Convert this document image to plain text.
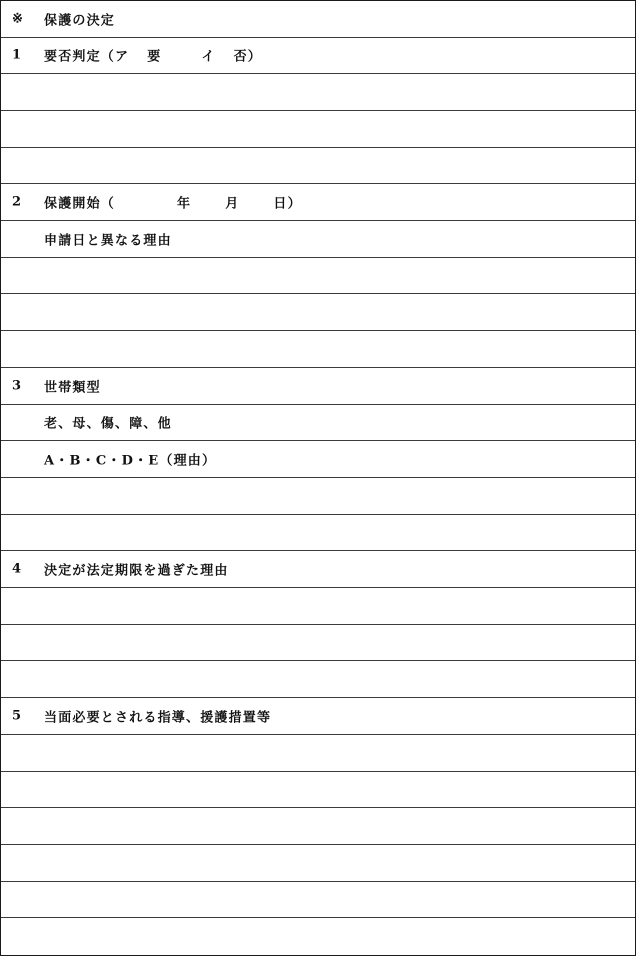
※ 保護の決定
1 要否判定（ア 要	イ 否）
2 保護開始（	年	月	日）
申請日と異なる理由
3 世帯類型
老、母、傷、障、他
A・B・C・D・E（理由）
4 決定が法定期限を過ぎた理由
5 当面必要とされる指導、援護措置等
